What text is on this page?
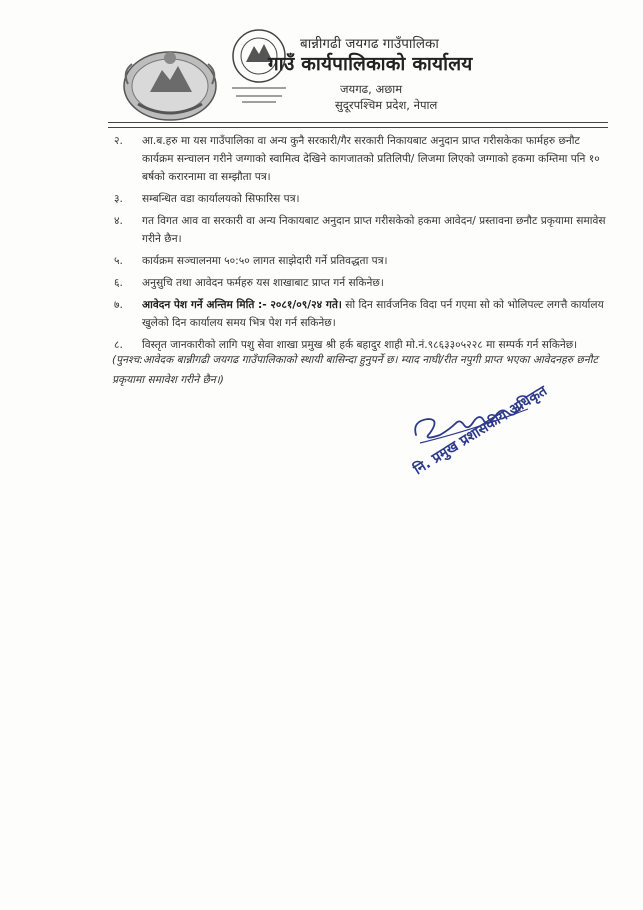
बान्नीगढी जयगढ गाउँपालिका
गाउँ कार्यपालिकाको कार्यालय
जयगढ, अछाम
सुदूरपश्चिम प्रदेश, नेपाल
२.	आ.ब.हरु मा यस गाउँपालिका वा अन्य कुनै सरकारी/गैर सरकारी निकायबाट अनुदान प्राप्त गरीसकेका फार्महरु छनौट कार्यक्रम सन्चालन गरीने जग्गाको स्वामित्व देखिने कागजातको प्रतिलिपी/ लिजमा लिएको जग्गाको हकमा कम्तिमा पनि १० बर्षको करारनामा वा सम्झौता पत्र।
३.	सम्बन्धित वडा कार्यालयको सिफारिस पत्र।
४.	गत विगत आव वा सरकारी वा अन्य निकायबाट अनुदान प्राप्त गरीसकेको हकमा आवेदन/ प्रस्तावना छनौट प्रकृयामा समावेस गरीने छैन।
५.	कार्यक्रम सञ्चालनमा ५०:५० लागत साझेदारी गर्ने प्रतिवद्धता पत्र।
६.	अनुसुचि तथा आवेदन फर्महरु यस शाखाबाट प्राप्त गर्न सकिनेछ।
७.	आवेदन पेश गर्ने अन्तिम मिति :- २०८१/०९/२४ गते। सो दिन सार्वजनिक विदा पर्न गएमा सो को भोलिपल्ट लगत्तै कार्यालय खुलेको दिन कार्यालय समय भित्र पेश गर्न सकिनेछ।
८.	विस्तृत जानकारीको लागि पशु सेवा शाखा प्रमुख श्री हर्क बहादुर शाही मो.नं.९८६३३०५२२८ मा सम्पर्क गर्न सकिनेछ।
(पुनश्च:आवेदक बान्नीगढी जयगढ गाउँपालिकाको स्थायी बासिन्दा हुनुपर्ने छ। म्याद नाघी/रीत नपुगी प्राप्त भएका आवेदनहरु छनौट प्रकृयामा समावेश गरीने छैन।)
नि. प्रमुख प्रशासकीय अधिकृत
